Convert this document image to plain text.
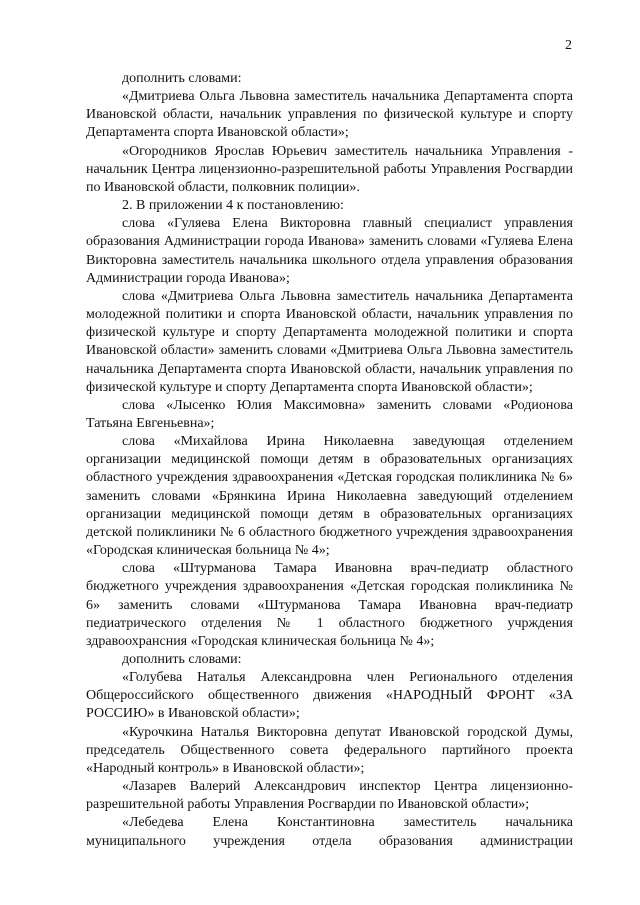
2

дополнить словами:

«Дмитриева Ольга Львовна заместитель начальника Департамента спорта Ивановской области, начальник управления по физической культуре и спорту Департамента спорта Ивановской области»;

«Огородников Ярослав Юрьевич заместитель начальника Управления - начальник Центра лицензионно-разрешительной работы Управления Росгвардии по Ивановской области, полковник полиции».

2. В приложении 4 к постановлению:

слова «Гуляева Елена Викторовна главный специалист управления образования Администрации города Иванова» заменить словами «Гуляева Елена Викторовна заместитель начальника школьного отдела управления образования Администрации города Иванова»;

слова «Дмитриева Ольга Львовна заместитель начальника Департамента молодежной политики и спорта Ивановской области, начальник управления по физической культуре и спорту Департамента молодежной политики и спорта Ивановской области» заменить словами «Дмитриева Ольга Львовна заместитель начальника Департамента спорта Ивановской области, начальник управления по физической культуре и спорту Департамента спорта Ивановской области»;

слова «Лысенко Юлия Максимовна» заменить словами «Родионова Татьяна Евгеньевна»;

слова «Михайлова Ирина Николаевна заведующая отделением организации медицинской помощи детям в образовательных организациях областного учреждения здравоохранения «Детская городская поликлиника № 6» заменить словами «Брянкина Ирина Николаевна заведующий отделением организации медицинской помощи детям в образовательных организациях детской поликлиники № 6 областного бюджетного учреждения здравоохранения «Городская клиническая больница № 4»;

слова «Штурманова Тамара Ивановна врач-педиатр областного бюджетного учреждения здравоохранения «Детская городская поликлиника № 6» заменить словами «Штурманова Тамара Ивановна врач-педиатр педиатрического отделения № 1 областного бюджетного учрждения здравоохрансния «Городская клиническая больница № 4»;

дополнить словами:

«Голубева Наталья Александровна член Регионального отделения Общероссийского общественного движения «НАРОДНЫЙ ФРОНТ «ЗА РОССИЮ» в Ивановской области»;

«Курочкина Наталья Викторовна депутат Ивановской городской Думы, председатель Общественного совета федерального партийного проекта «Народный контроль» в Ивановской области»;

«Лазарев Валерий Александрович инспектор Центра лицензионно-разрешительной работы Управления Росгвардии по Ивановской области»;

«Лебедева Елена Константиновна заместитель начальника муниципального учреждения отдела образования администрации
